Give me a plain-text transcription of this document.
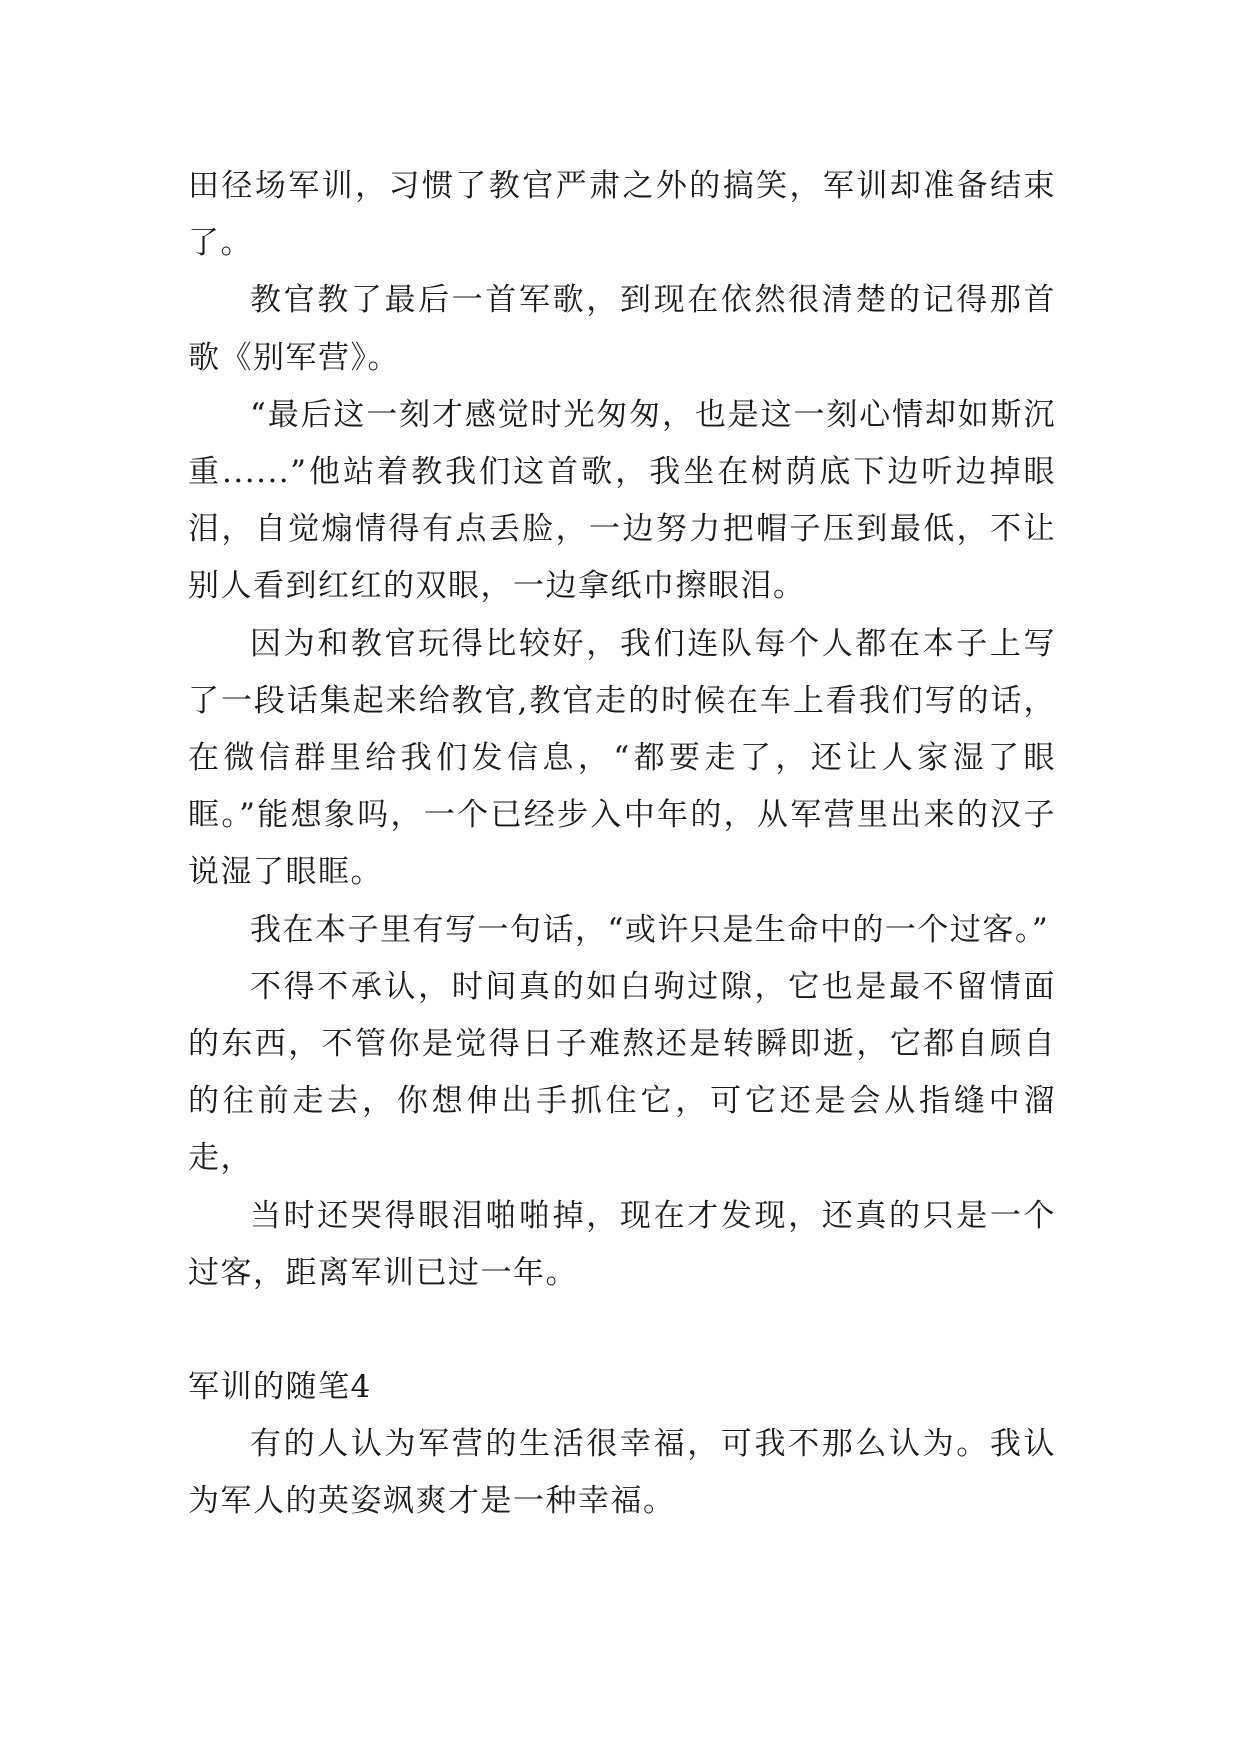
田径场军训，习惯了教官严肃之外的搞笑，军训却准备结束了。

教官教了最后一首军歌，到现在依然很清楚的记得那首歌《别军营》。

“最后这一刻才感觉时光匆匆，也是这一刻心情却如斯沉重......”他站着教我们这首歌，我坐在树荫底下边听边掉眼泪，自觉煽情得有点丢脸，一边努力把帽子压到最低，不让别人看到红红的双眼，一边拿纸巾擦眼泪。

因为和教官玩得比较好，我们连队每个人都在本子上写了一段话集起来给教官,教官走的时候在车上看我们写的话，在微信群里给我们发信息，“都要走了，还让人家湿了眼眶。”能想象吗，一个已经步入中年的，从军营里出来的汉子说湿了眼眶。

我在本子里有写一句话，“或许只是生命中的一个过客。”

不得不承认，时间真的如白驹过隙，它也是最不留情面的东西，不管你是觉得日子难熬还是转瞬即逝，它都自顾自的往前走去，你想伸出手抓住它，可它还是会从指缝中溜走，

当时还哭得眼泪啪啪掉，现在才发现，还真的只是一个过客，距离军训已过一年。

军训的随笔4

有的人认为军营的生活很幸福，可我不那么认为。我认为军人的英姿飒爽才是一种幸福。
